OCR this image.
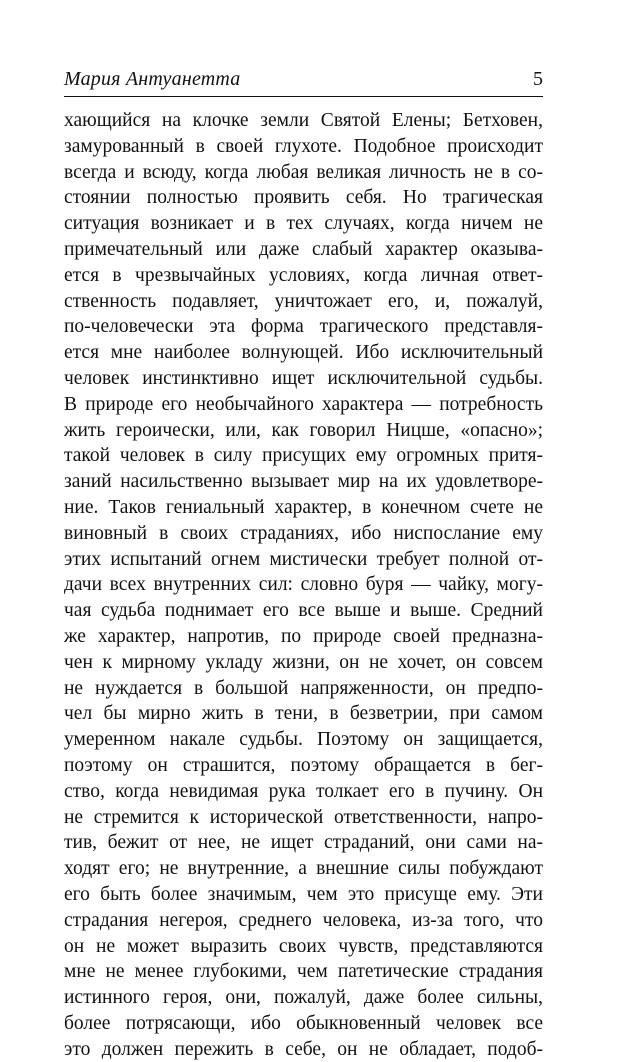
Мария Антуанетта	5
хающийся на клочке земли Святой Елены; Бетховен,
замурованный в своей глухоте. Подобное происходит
всегда и всюду, когда любая великая личность не в со-
стоянии полностью проявить себя. Но трагическая
ситуация возникает и в тех случаях, когда ничем не
примечательный или даже слабый характер оказыва-
ется в чрезвычайных условиях, когда личная ответ-
ственность подавляет, уничтожает его, и, пожалуй,
по-человечески эта форма трагического представля-
ется мне наиболее волнующей. Ибо исключительный
человек инстинктивно ищет исключительной судьбы.
В природе его необычайного характера — потребность
жить героически, или, как говорил Ницше, «опасно»;
такой человек в силу присущих ему огромных притя-
заний насильственно вызывает мир на их удовлетворе-
ние. Таков гениальный характер, в конечном счете не
виновный в своих страданиях, ибо ниспослание ему
этих испытаний огнем мистически требует полной от-
дачи всех внутренних сил: словно буря — чайку, могу-
чая судьба поднимает его все выше и выше. Средний
же характер, напротив, по природе своей предназна-
чен к мирному укладу жизни, он не хочет, он совсем
не нуждается в большой напряженности, он предпо-
чел бы мирно жить в тени, в безветрии, при самом
умеренном накале судьбы. Поэтому он защищается,
поэтому он страшится, поэтому обращается в бег-
ство, когда невидимая рука толкает его в пучину. Он
не стремится к исторической ответственности, напро-
тив, бежит от нее, не ищет страданий, они сами на-
ходят его; не внутренние, а внешние силы побуждают
его быть более значимым, чем это присуще ему. Эти
страдания негероя, среднего человека, из-за того, что
он не может выразить своих чувств, представляются
мне не менее глубокими, чем патетические страдания
истинного героя, они, пожалуй, даже более сильны,
более потрясающи, ибо обыкновенный человек все
это должен пережить в себе, он не обладает, подоб-
